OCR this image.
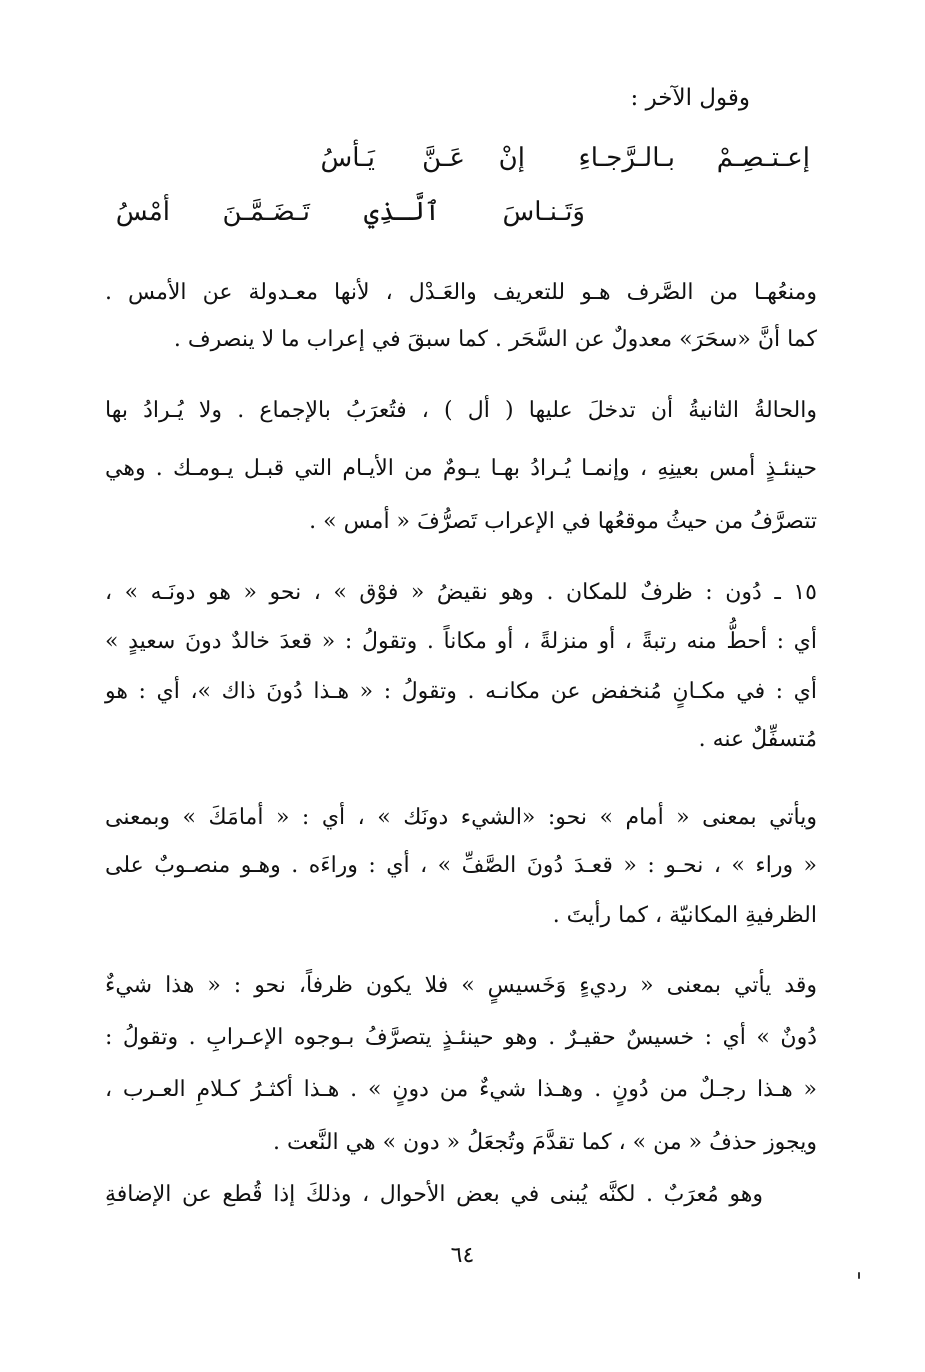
وقول الآخر :
إعـتـصِـمْ
بـالـرَّجـاءِ
إنْ
عَـنَّ
يَـأسُ
وَتَـنـاسَ
ٱلَّـذِي
تَـضَـمَّـنَ
أمْسُ
ومنعُهـا من الصَّرف هـو للتعريف والعَـدْل ، لأنها معـدولة عن الأمس .
كما أنَّ «سحَرَ» معدولٌ عن السَّحَر . كما سبقَ في إعراب ما لا ينصرف .
والحالةُ الثانيةُ أن تدخلَ عليها ( أل ) ، فتُعرَبُ بالإجماع . ولا يُـرادُ بها
حينئـذٍ أمس بعينِهِ ، وإنمـا يُـرادُ بهـا يـومٌ من الأيـام التي قبـل يـومـك . وهي
تتصرَّفُ من حيثُ موقعُها في الإعراب تَصرُّفَ « أمس » .
١٥ ـ دُون : ظرفٌ للمكان . وهو نقيضُ « فوْق » ، نحو « هو دونَـه » ،
أي : أحطُّ منه رتبةً ، أو منزلةً ، أو مكاناً . وتقولُ : « قعدَ خالدٌ دونَ سعيدٍ »
أي : في مكـانٍ مُنخفض عن مكانـه . وتقولُ : « هـذا دُونَ ذاك »، أي : هو
مُتسفِّلٌ عنه .
ويأتي بمعنى « أمام » نحو: «الشيء دونَك » ، أي : « أمامَكَ » وبمعنى
« وراء » ، نحـو : « قعـدَ دُونَ الصَّفِّ » ، أي : وراءَه . وهـو منصـوبٌ على
الظرفيةِ المكانيّة ، كما رأيتَ .
وقد يأتي بمعنى « رديءٍ وَخَسيسٍ » فلا يكون ظرفاً، نحو : « هذا شيءٌ
دُونٌ » أي : خسيسٌ حقيـرٌ . وهو حينئـذٍ يتصرَّفُ بـوجوه الإعـرابِ . وتقولُ :
« هـذا رجـلٌ من دُونٍ . وهـذا شيءٌ من دونٍ » . هـذا أكثـرُ كـلامِ العـرب ،
ويجوز حذفُ « من » ، كما تقدَّمَ وتُجعَلُ « دون » هي النَّعت .
وهو مُعرَبٌ . لكنَّه يُبنى في بعض الأحوال ، وذلكَ إذا قُطع عن الإضافةِ
٦٤
